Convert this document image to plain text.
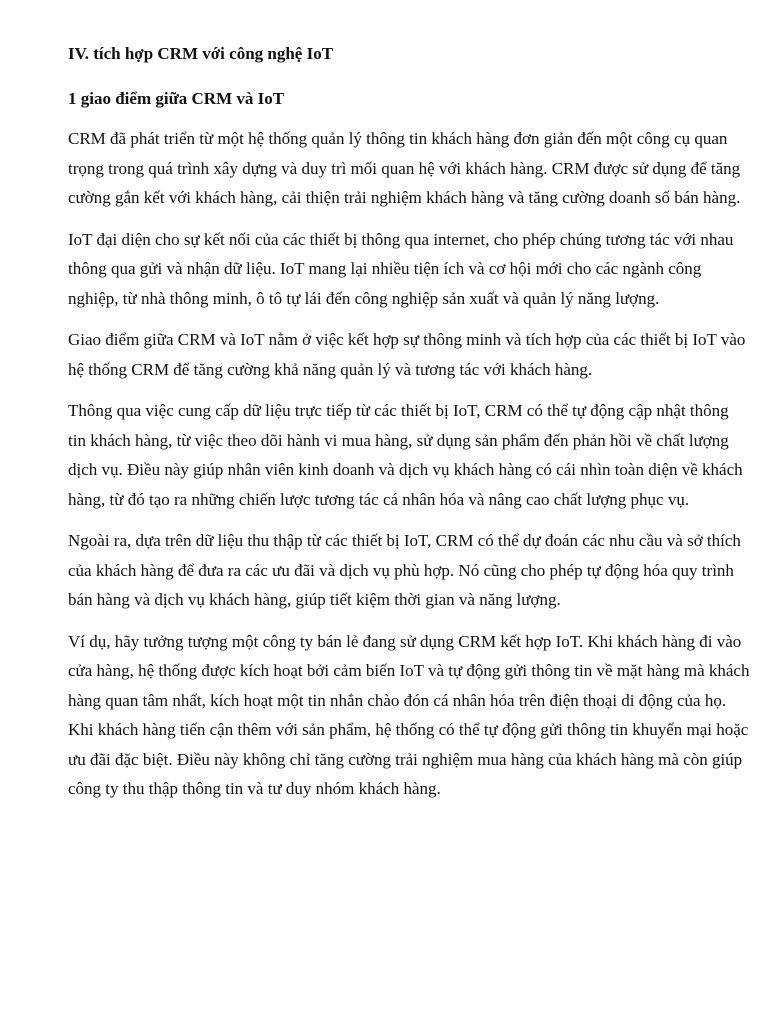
IV. tích hợp CRM với công nghệ IoT
1 giao điểm giữa CRM và IoT

CRM đã phát triển từ một hệ thống quản lý thông tin khách hàng đơn giản đến một công cụ quan trọng trong quá trình xây dựng và duy trì mối quan hệ với khách hàng. CRM được sử dụng để tăng cường gắn kết với khách hàng, cải thiện trải nghiệm khách hàng và tăng cường doanh số bán hàng.

IoT đại diện cho sự kết nối của các thiết bị thông qua internet, cho phép chúng tương tác với nhau thông qua gửi và nhận dữ liệu. IoT mang lại nhiều tiện ích và cơ hội mới cho các ngành công nghiệp, từ nhà thông minh, ô tô tự lái đến công nghiệp sản xuất và quản lý năng lượng.

Giao điểm giữa CRM và IoT nằm ở việc kết hợp sự thông minh và tích hợp của các thiết bị IoT vào hệ thống CRM để tăng cường khả năng quản lý và tương tác với khách hàng.

Thông qua việc cung cấp dữ liệu trực tiếp từ các thiết bị IoT, CRM có thể tự động cập nhật thông tin khách hàng, từ việc theo dõi hành vi mua hàng, sử dụng sản phẩm đến phản hồi về chất lượng dịch vụ. Điều này giúp nhân viên kinh doanh và dịch vụ khách hàng có cái nhìn toàn diện về khách hàng, từ đó tạo ra những chiến lược tương tác cá nhân hóa và nâng cao chất lượng phục vụ.

Ngoài ra, dựa trên dữ liệu thu thập từ các thiết bị IoT, CRM có thể dự đoán các nhu cầu và sở thích của khách hàng để đưa ra các ưu đãi và dịch vụ phù hợp. Nó cũng cho phép tự động hóa quy trình bán hàng và dịch vụ khách hàng, giúp tiết kiệm thời gian và năng lượng.

Ví dụ, hãy tưởng tượng một công ty bán lẻ đang sử dụng CRM kết hợp IoT. Khi khách hàng đi vào cửa hàng, hệ thống được kích hoạt bởi cảm biến IoT và tự động gửi thông tin về mặt hàng mà khách hàng quan tâm nhất, kích hoạt một tin nhắn chào đón cá nhân hóa trên điện thoại di động của họ. Khi khách hàng tiến cận thêm với sản phẩm, hệ thống có thể tự động gửi thông tin khuyến mại hoặc ưu đãi đặc biệt. Điều này không chỉ tăng cường trải nghiệm mua hàng của khách hàng mà còn giúp công ty thu thập thông tin và tư duy nhóm khách hàng.
